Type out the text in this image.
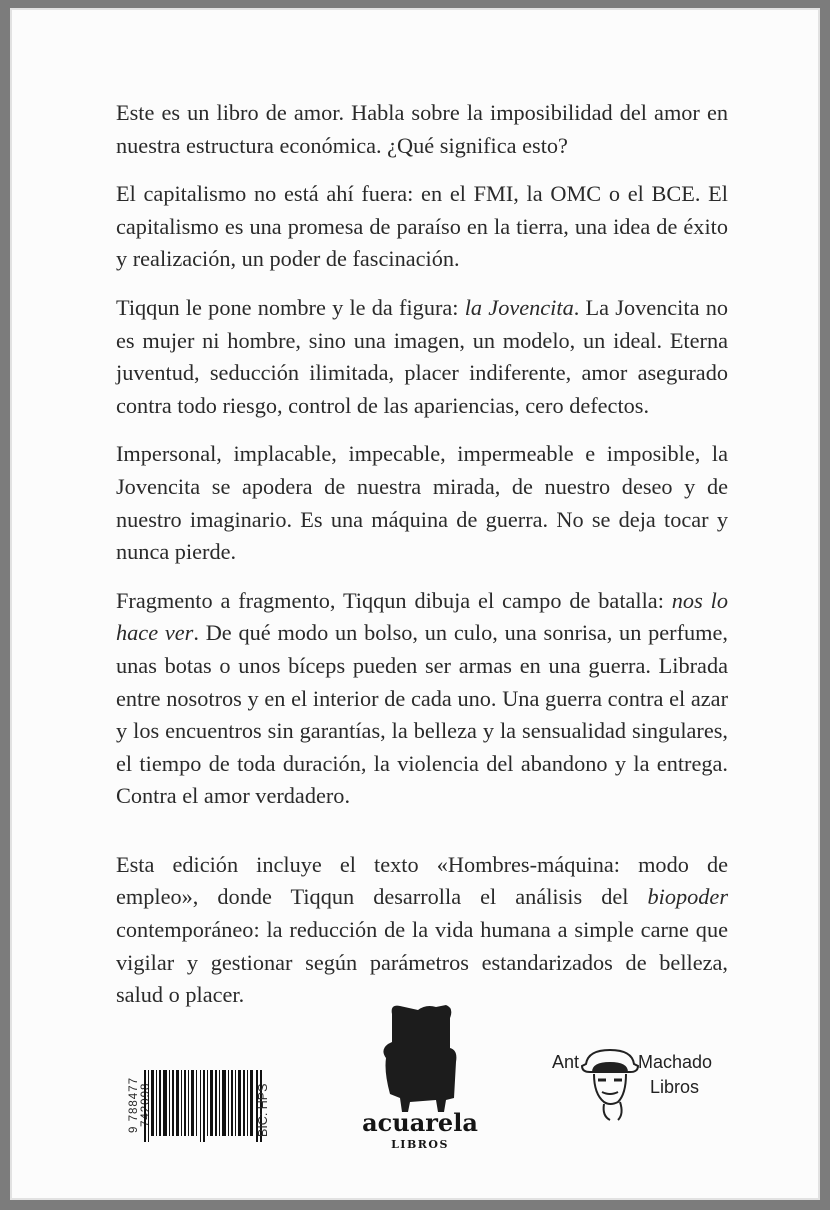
Este es un libro de amor. Habla sobre la imposibilidad del amor en nuestra estructura económica. ¿Qué significa esto?

El capitalismo no está ahí fuera: en el FMI, la OMC o el BCE. El capitalismo es una promesa de paraíso en la tierra, una idea de éxito y realización, un poder de fascinación.

Tiqqun le pone nombre y le da figura: la Jovencita. La Jovencita no es mujer ni hombre, sino una imagen, un modelo, un ideal. Eterna juventud, seducción ilimitada, placer indiferente, amor asegurado contra todo riesgo, control de las apariencias, cero defectos.

Impersonal, implacable, impecable, impermeable e imposible, la Jovencita se apodera de nuestra mirada, de nuestro deseo y de nuestro imaginario. Es una máquina de guerra. No se deja tocar y nunca pierde.

Fragmento a fragmento, Tiqqun dibuja el campo de batalla: nos lo hace ver. De qué modo un bolso, un culo, una sonrisa, un perfume, unas botas o unos bíceps pueden ser armas en una guerra. Librada entre nosotros y en el interior de cada uno. Una guerra contra el azar y los encuentros sin garantías, la belleza y la sensualidad singulares, el tiempo de toda duración, la violencia del abandono y la entrega. Contra el amor verdadero.

Esta edición incluye el texto «Hombres-máquina: modo de empleo», donde Tiqqun desarrolla el análisis del biopoder contemporáneo: la reducción de la vida humana a simple carne que vigilar y gestionar según parámetros estandarizados de belleza, salud o placer.

9 788477	BIC: HPS	acuarela
LIBROS
Ant	Machado
Libros
